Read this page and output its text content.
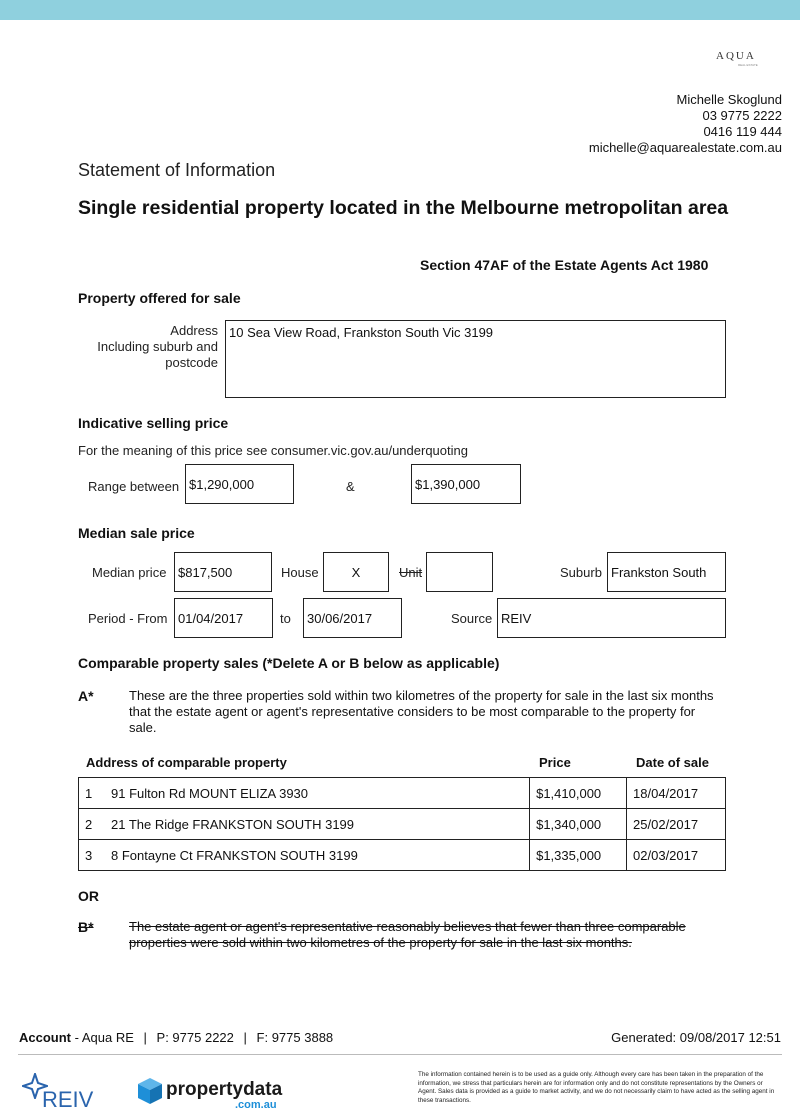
AQUA
REAL ESTATE
Michelle Skoglund
03 9775 2222
0416 119 444
michelle@aquarealestate.com.au
Statement of Information
Single residential property located in the Melbourne metropolitan area
Section 47AF of the Estate Agents Act 1980
Property offered for sale
Address
Including suburb and
postcode
10 Sea View Road, Frankston South Vic 3199
Indicative selling price
For the meaning of this price see consumer.vic.gov.au/underquoting
Range between $1,290,000	&	$1,390,000
Median sale price
Median price $817,500	House	X	Unit	Suburb Frankston South
Period - From 01/04/2017	to	30/06/2017	Source REIV
Comparable property sales (*Delete A or B below as applicable)
A*	These are the three properties sold within two kilometres of the property for sale in the last six months that the estate agent or agent's representative considers to be most comparable to the property for sale.
Address of comparable property	Price	Date of sale
1 91 Fulton Rd MOUNT ELIZA 3930	$1,410,000	18/04/2017
2 21 The Ridge FRANKSTON SOUTH 3199	$1,340,000	25/02/2017
3 8 Fontayne Ct FRANKSTON SOUTH 3199	$1,335,000	02/03/2017
OR
B*	The estate agent or agent's representative reasonably believes that fewer than three comparable properties were sold within two kilometres of the property for sale in the last six months.
Account - Aqua RE | P: 9775 2222 | F: 9775 3888	Generated: 09/08/2017 12:51
REIV	propertydata
.com.au
The information contained herein is to be used as a guide only. Although every care has been taken in the preparation of the information, we stress that particulars herein are for information only and do not constitute representations by the Owners or Agent. Sales data is provided as a guide to market activity, and we do not necessarily claim to have acted as the selling agent in these transactions.
